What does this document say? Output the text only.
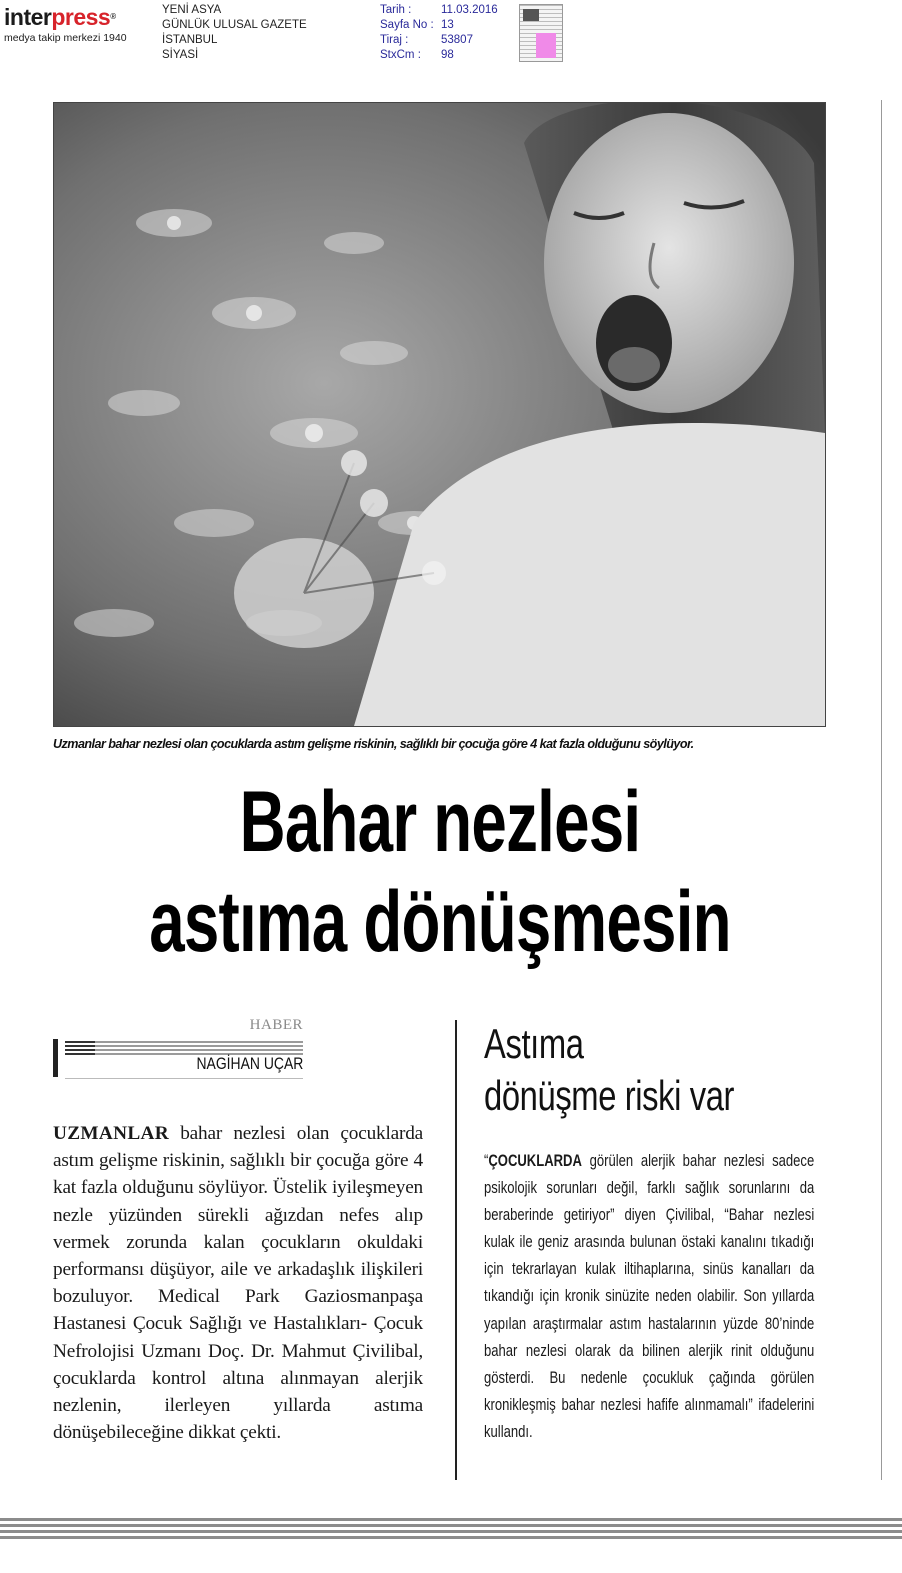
interpress®
medya takip merkezi 1940
YENİ ASYA
GÜNLÜK ULUSAL GAZETE
İSTANBUL
SİYASİ
Tarih :	11.03.2016
Sayfa No : 13
Tiraj :	53807
StxCm :	98
Uzmanlar bahar nezlesi olan çocuklarda astım gelişme riskinin, sağlıklı bir çocuğa göre 4 kat fazla olduğunu söylüyor.
Bahar nezlesi
astıma dönüşmesin
HABER
NAGİHAN UÇAR
UZMANLAR bahar nezlesi olan çocuklarda astım gelişme riskinin, sağlıklı bir çocuğa göre 4 kat fazla olduğunu söylüyor. Üstelik iyileşmeyen nezle yüzünden sürekli ağızdan nefes alıp vermek zorunda kalan çocukların okuldaki performansı düşüyor, aile ve arkadaşlık ilişkileri bozuluyor. Medical Park Gaziosmanpaşa Hastanesi Çocuk Sağlığı ve Hastalıkları- Çocuk Nefrolojisi Uzmanı Doç. Dr. Mahmut Çivilibal, çocuklarda kontrol altına alınmayan alerjik nezlenin, ilerleyen yıllarda astıma dönüşebileceğine dikkat çekti.
Astıma
dönüşme riski var
“ÇOCUKLARDA görülen alerjik bahar nezlesi sadece psikolojik sorunları değil, farklı sağlık sorunlarını da beraberinde getiriyor” diyen Çivilibal, “Bahar nezlesi kulak ile geniz arasında bulunan östaki kanalını tıkadığı için tekrarlayan kulak iltihaplarına, sinüs kanalları da tıkandığı için kronik sinüzite neden olabilir. Son yıllarda yapılan araştırmalar astım hastalarının yüzde 80’ninde bahar nezlesi olarak da bilinen alerjik rinit olduğunu gösterdi. Bu nedenle çocukluk çağında görülen kronikleşmiş bahar nezlesi hafife alınmamalı” ifadelerini kullandı.
